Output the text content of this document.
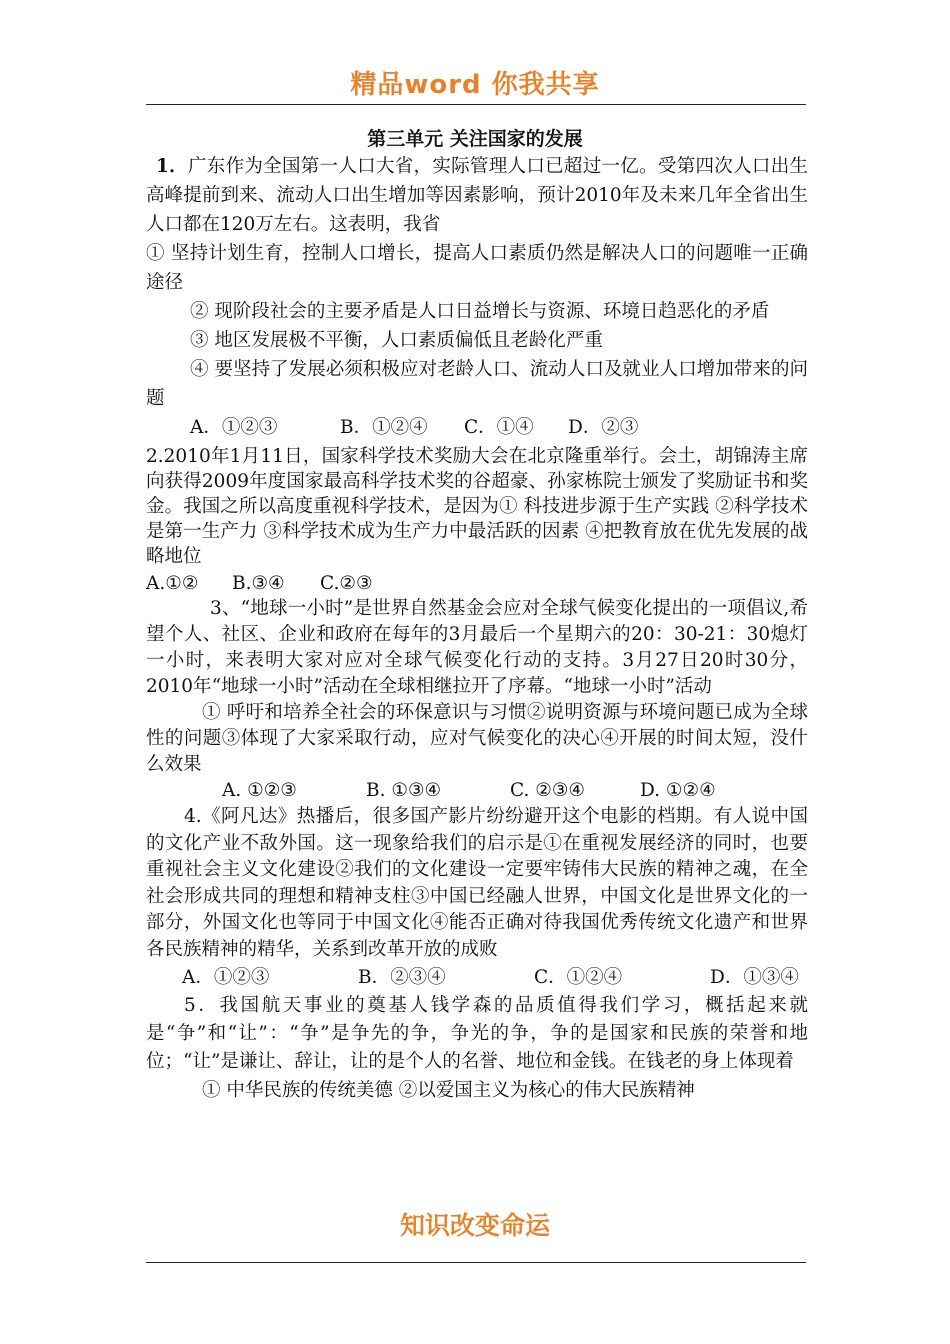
精品word 你我共享
第三单元 关注国家的发展

1．广东作为全国第一人口大省，实际管理人口已超过一亿。受第四次人口出生高峰提前到来、流动人口出生增加等因素影响，预计2010年及未来几年全省出生人口都在120万左右。这表明，我省

① 坚持计划生育，控制人口增长，提高人口素质仍然是解决人口的问题唯一正确途径

② 现阶段社会的主要矛盾是人口日益增长与资源、环境日趋恶化的矛盾

③ 地区发展极不平衡，人口素质偏低且老龄化严重

④ 要坚持了发展必须积极应对老龄人口、流动人口及就业人口增加带来的问题

A．①②③	B．①②④	C．①④	D．②③

2.2010年1月11日，国家科学技术奖励大会在北京隆重举行。会土，胡锦涛主席向获得2009年度国家最高科学技术奖的谷超豪、孙家栋院士颁发了奖励证书和奖金。我国之所以高度重视科学技术，是因为① 科技进步源于生产实践 ②科学技术是第一生产力 ③科学技术成为生产力中最活跃的因素 ④把教育放在优先发展的战略地位

A.①②	B.③④	C.②③

3、“地球一小时”是世界自然基金会应对全球气候变化提出的一项倡议,希望个人、社区、企业和政府在每年的3月最后一个星期六的20：30-21：30熄灯一小时，来表明大家对应对全球气候变化行动的支持。3月27日20时30分，2010年“地球一小时”活动在全球相继拉开了序幕。“地球一小时”活动

① 呼吁和培养全社会的环保意识与习惯②说明资源与环境问题已成为全球性的问题③体现了大家采取行动，应对气候变化的决心④开展的时间太短，没什么效果

A. ①②③	B. ①③④	C. ②③④	D. ①②④

4.《阿凡达》热播后，很多国产影片纷纷避开这个电影的档期。有人说中国的文化产业不敌外国。这一现象给我们的启示是①在重视发展经济的同时，也要重视社会主义文化建设②我们的文化建设一定要牢铸伟大民族的精神之魂，在全社会形成共同的理想和精神支柱③中国已经融人世界，中国文化是世界文化的一部分，外国文化也等同于中国文化④能否正确对待我国优秀传统文化遗产和世界各民族精神的精华，关系到改革开放的成败

A．①②③	B．②③④	C．①②④	D．①③④

5．我国航天事业的奠基人钱学森的品质值得我们学习，概括起来就是“争”和“让”：“争”是争先的争，争光的争，争的是国家和民族的荣誉和地位；“让”是谦让、辞让，让的是个人的名誉、地位和金钱。在钱老的身上体现着

① 中华民族的传统美德 ②以爱国主义为核心的伟大民族精神

知识改变命运
